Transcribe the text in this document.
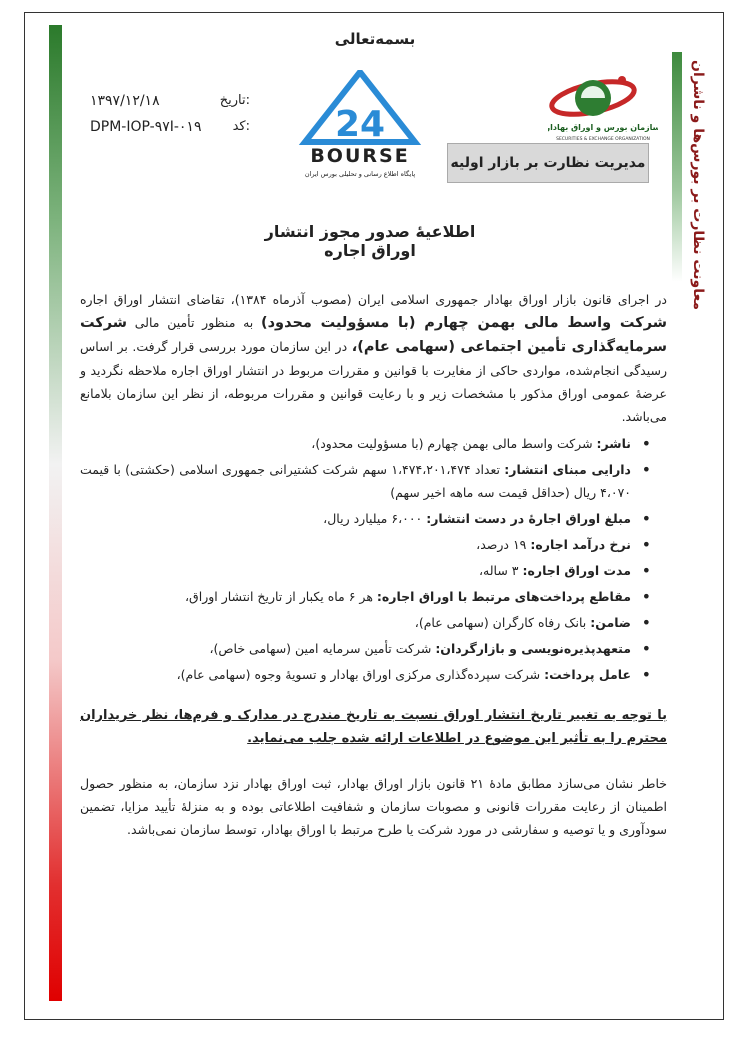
معاونت نظارت بر بورس‌ها و ناشران
بسمه‌تعالی
سازمان بورس و اوراق بهادار
SECURITIES & EXCHANGE ORGANIZATION
24
BOURSE
پایگاه اطلاع رسانی و تحلیلی بورس ایران
مدیریت نظارت بر بازار اولیه
۱۳۹۷/۱۲/۱۸	تاریخ:
DPM-IOP-۹۷I-۰۱۹ کد:
اطلاعیۀ صدور مجوز انتشار اوراق اجاره
در اجرای قانون بازار اوراق بهادار جمهوری اسلامی ایران (مصوب آذرماه ۱۳۸۴)، تقاضای انتشار اوراق اجاره شرکت واسط مالی بهمن چهارم (با مسؤولیت محدود) به منظور تأمین مالی شرکت سرمایه‌گذاری تأمین اجتماعی (سهامی عام)، در این سازمان مورد بررسی قرار گرفت. بر اساس رسیدگی انجام‌شده، مواردی حاکی از مغایرت با قوانین و مقررات مربوط در انتشار اوراق اجاره ملاحظه نگردید و عرضۀ عمومی اوراق مذکور با مشخصات زیر و با رعایت قوانین و مقررات مربوطه، از نظر این سازمان بلامانع می‌باشد.
• ناشر: شرکت واسط مالی بهمن چهارم (با مسؤولیت محدود)،
• دارایی مبنای انتشار: تعداد ۱،۴۷۴،۲۰۱،۴۷۴ سهم شرکت کشتیرانی جمهوری اسلامی (حکشتی) با قیمت ۴،۰۷۰ ریال (حداقل قیمت سه ماهه اخیر سهم)
• مبلغ اوراق اجارۀ در دست انتشار: ۶،۰۰۰ میلیارد ریال،
• نرخ درآمد اجاره: ۱۹ درصد،
• مدت اوراق اجاره: ۳ ساله،
• مقاطع پرداخت‌های مرتبط با اوراق اجاره: هر ۶ ماه یکبار از تاریخ انتشار اوراق،
• ضامن: بانک رفاه کارگران (سهامی عام)،
• متعهدپذیره‌نویسی و بازارگردان: شرکت تأمین سرمایه امین (سهامی خاص)،
• عامل پرداخت: شرکت سپرده‌گذاری مرکزی اوراق بهادار و تسویۀ وجوه (سهامی عام)،
با توجه به تغییر تاریخ انتشار اوراق نسبت به تاریخ مندرج در مدارک و فرم‌ها، نظر خریداران محترم را به تأثیر این موضوع در اطلاعات ارائه شده جلب می‌نماید.
خاطر نشان می‌سازد مطابق مادۀ ۲۱ قانون بازار اوراق بهادار، ثبت اوراق بهادار نزد سازمان، به منظور حصول اطمینان از رعایت مقررات قانونی و مصوبات سازمان و شفافیت اطلاعاتی بوده و به منزلۀ تأیید مزایا، تضمین سودآوری و یا توصیه و سفارشی در مورد شرکت یا طرح مرتبط با اوراق بهادار، توسط سازمان نمی‌باشد.
